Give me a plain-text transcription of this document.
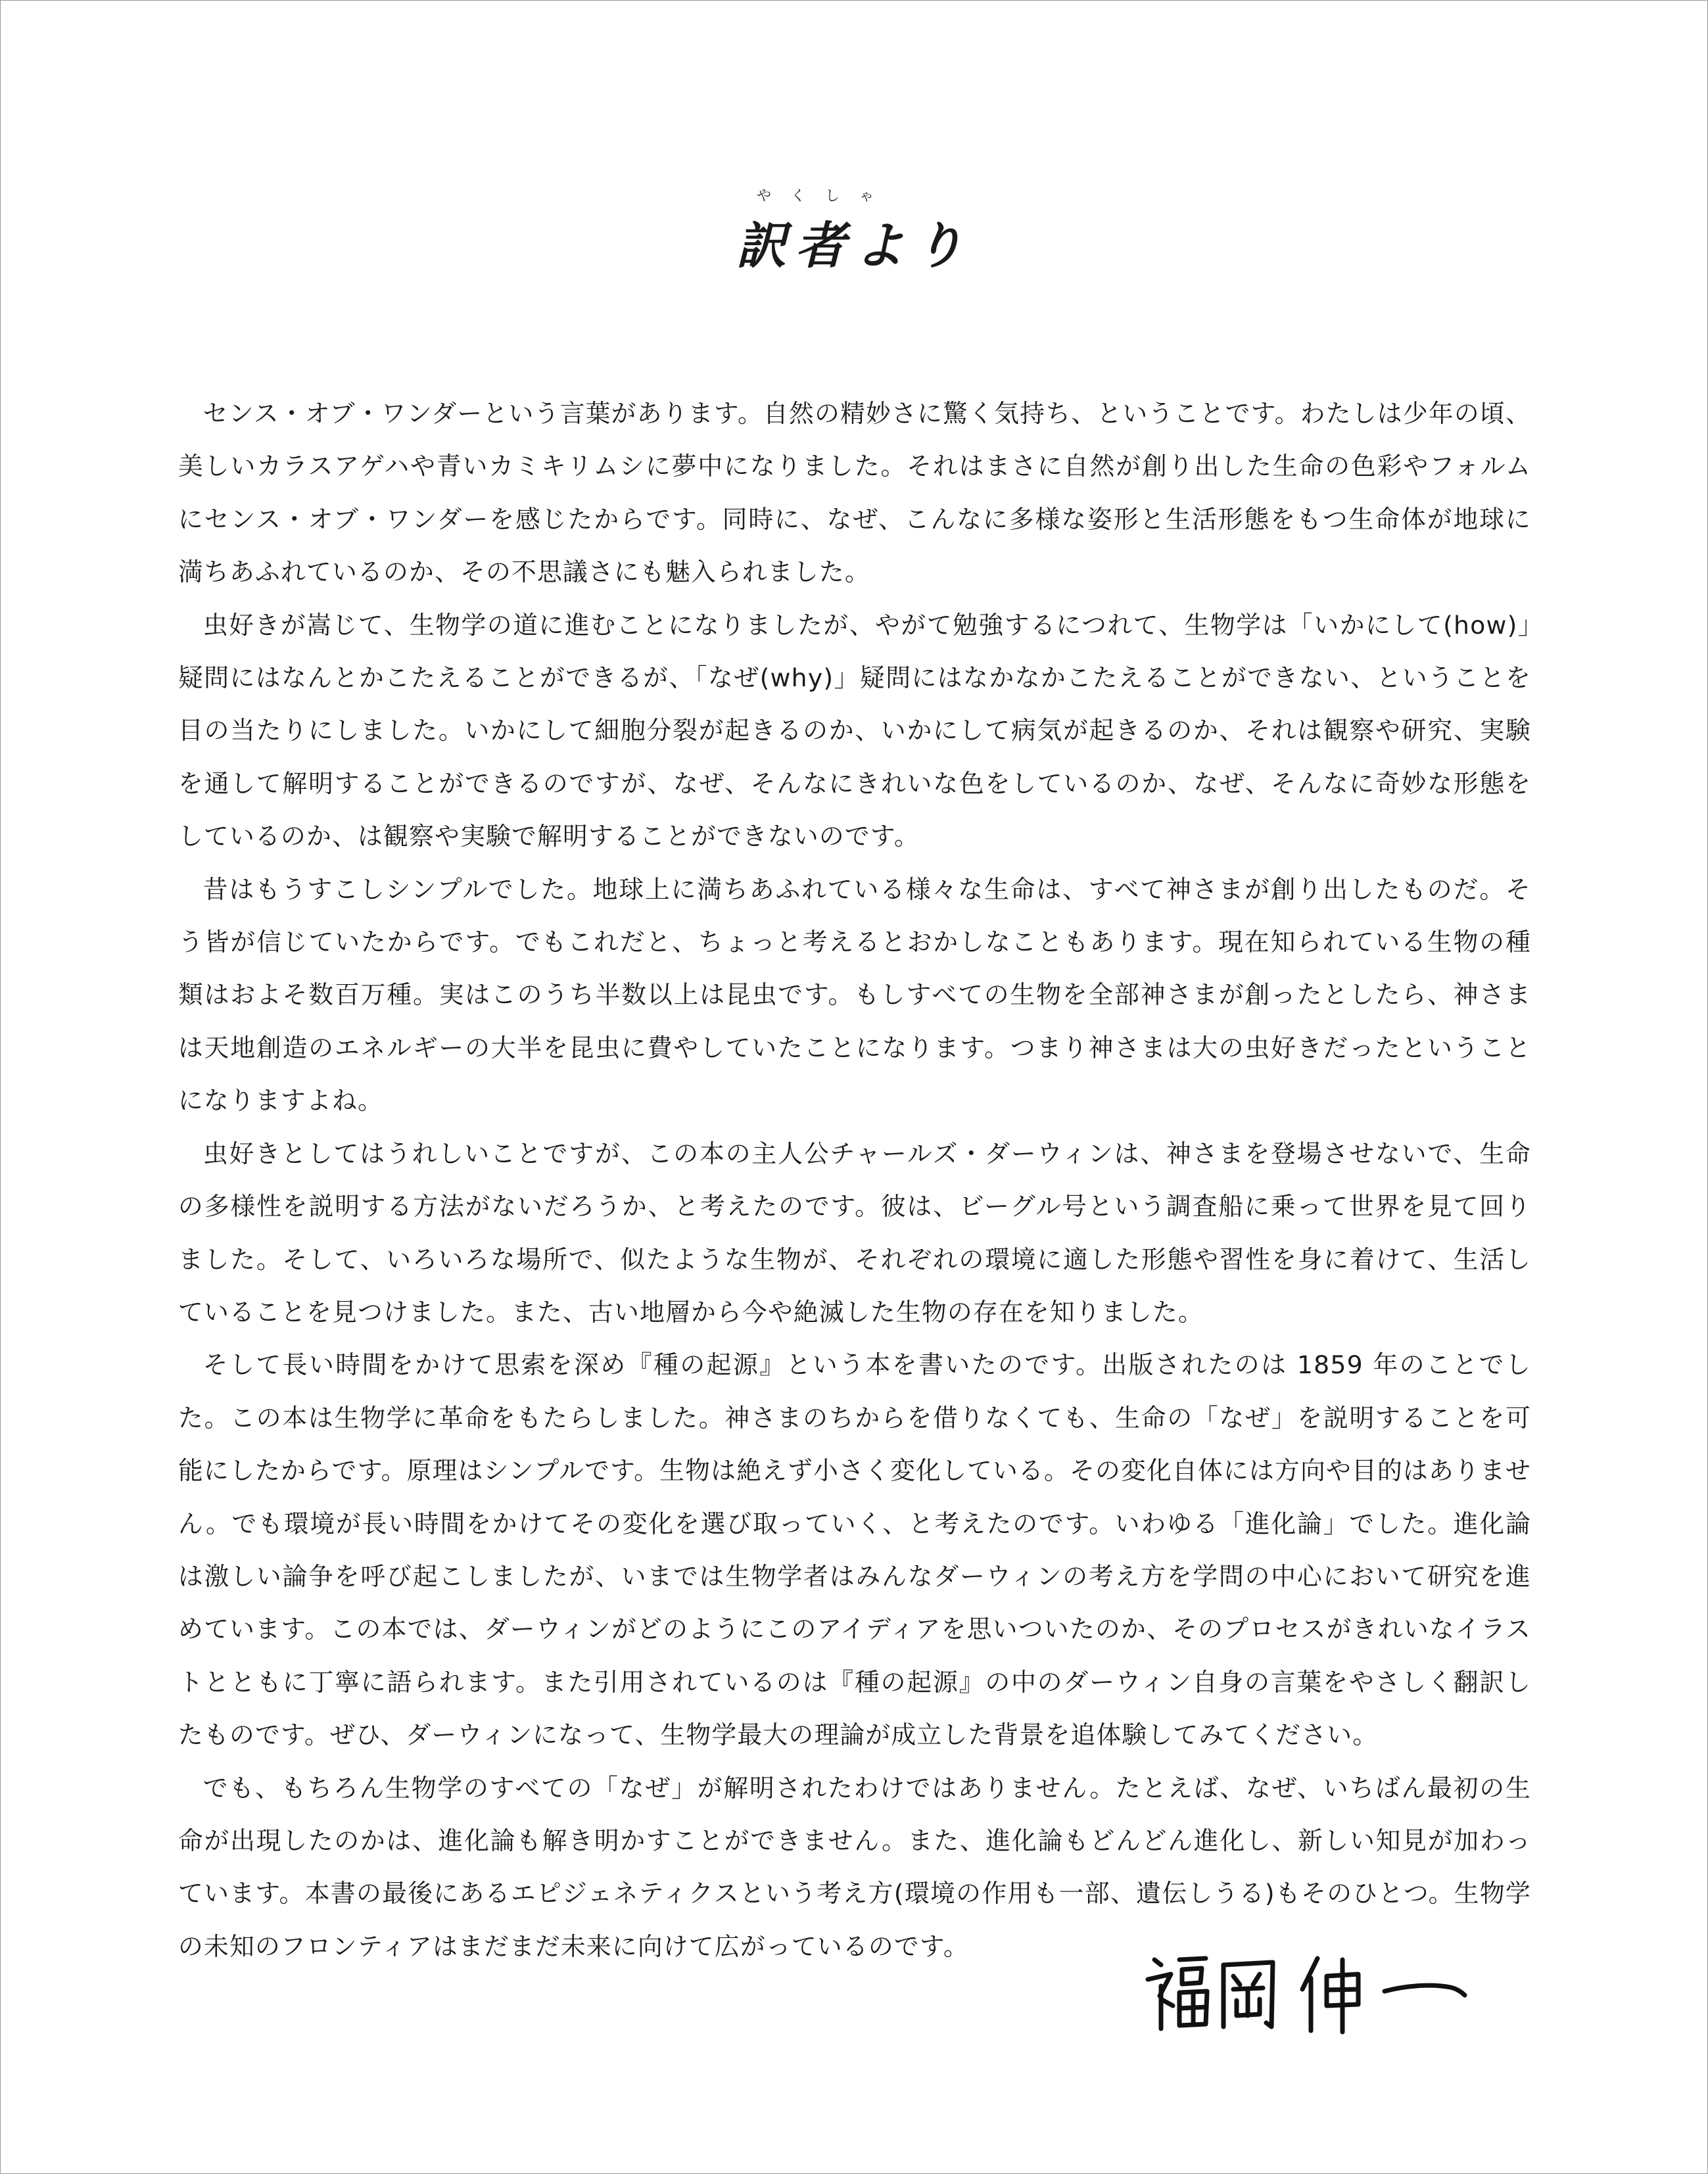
やくしゃ
訳者より

センス・オブ・ワンダーという言葉があります。自然の精妙さに驚く気持ち、ということです。わたしは少年の頃、美しいカラスアゲハや青いカミキリムシに夢中になりました。それはまさに自然が創り出した生命の色彩やフォルムにセンス・オブ・ワンダーを感じたからです。同時に、なぜ、こんなに多様な姿形と生活形態をもつ生命体が地球に満ちあふれているのか、その不思議さにも魅入られました。

虫好きが嵩じて、生物学の道に進むことになりましたが、やがて勉強するにつれて、生物学は「いかにして(how)」疑問にはなんとかこたえることができるが、「なぜ(why)」疑問にはなかなかこたえることができない、ということを目の当たりにしました。いかにして細胞分裂が起きるのか、いかにして病気が起きるのか、それは観察や研究、実験を通して解明することができるのですが、なぜ、そんなにきれいな色をしているのか、なぜ、そんなに奇妙な形態をしているのか、は観察や実験で解明することができないのです。

昔はもうすこしシンプルでした。地球上に満ちあふれている様々な生命は、すべて神さまが創り出したものだ。そう皆が信じていたからです。でもこれだと、ちょっと考えるとおかしなこともあります。現在知られている生物の種類はおよそ数百万種。実はこのうち半数以上は昆虫です。もしすべての生物を全部神さまが創ったとしたら、神さまは天地創造のエネルギーの大半を昆虫に費やしていたことになります。つまり神さまは大の虫好きだったということになりますよね。

虫好きとしてはうれしいことですが、この本の主人公チャールズ・ダーウィンは、神さまを登場させないで、生命の多様性を説明する方法がないだろうか、と考えたのです。彼は、ビーグル号という調査船に乗って世界を見て回りました。そして、いろいろな場所で、似たような生物が、それぞれの環境に適した形態や習性を身に着けて、生活していることを見つけました。また、古い地層から今や絶滅した生物の存在を知りました。

そして長い時間をかけて思索を深め『種の起源』という本を書いたのです。出版されたのは 1859 年のことでした。この本は生物学に革命をもたらしました。神さまのちからを借りなくても、生命の「なぜ」を説明することを可能にしたからです。原理はシンプルです。生物は絶えず小さく変化している。その変化自体には方向や目的はありません。でも環境が長い時間をかけてその変化を選び取っていく、と考えたのです。いわゆる「進化論」でした。進化論は激しい論争を呼び起こしましたが、いまでは生物学者はみんなダーウィンの考え方を学問の中心において研究を進めています。この本では、ダーウィンがどのようにこのアイディアを思いついたのか、そのプロセスがきれいなイラストとともに丁寧に語られます。また引用されているのは『種の起源』の中のダーウィン自身の言葉をやさしく翻訳したものです。ぜひ、ダーウィンになって、生物学最大の理論が成立した背景を追体験してみてください。

でも、もちろん生物学のすべての「なぜ」が解明されたわけではありません。たとえば、なぜ、いちばん最初の生命が出現したのかは、進化論も解き明かすことができません。また、進化論もどんどん進化し、新しい知見が加わっています。本書の最後にあるエピジェネティクスという考え方(環境の作用も一部、遺伝しうる)もそのひとつ。生物学の未知のフロンティアはまだまだ未来に向けて広がっているのです。	福岡 伸一
